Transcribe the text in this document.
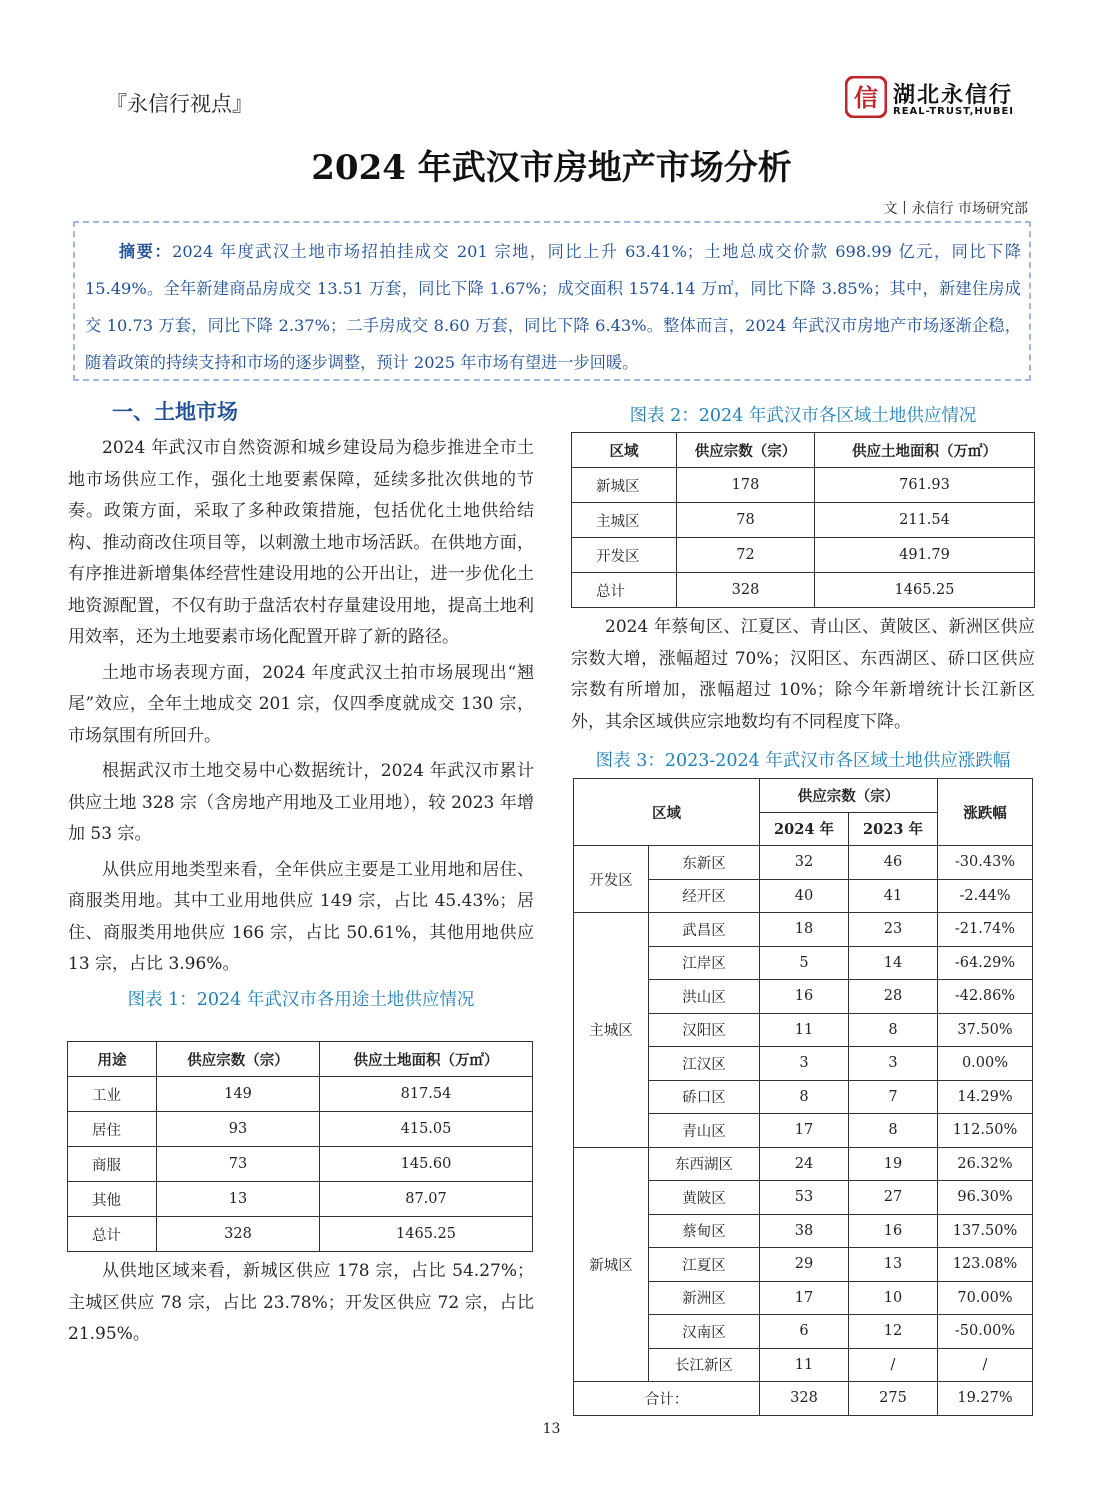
『永信行视点』	信 湖北永信行
REAL-TRUST,HUBEI
2024 年武汉市房地产市场分析
文丨永信行 市场研究部
摘要：2024 年度武汉土地市场招拍挂成交 201 宗地，同比上升 63.41%；土地总成交价款 698.99 亿元，同比下降 15.49%。全年新建商品房成交 13.51 万套，同比下降 1.67%；成交面积 1574.14 万㎡，同比下降 3.85%；其中，新建住房成交 10.73 万套，同比下降 2.37%；二手房成交 8.60 万套，同比下降 6.43%。整体而言，2024 年武汉市房地产市场逐渐企稳，随着政策的持续支持和市场的逐步调整，预计 2025 年市场有望进一步回暖。
一、土地市场

2024 年武汉市自然资源和城乡建设局为稳步推进全市土地市场供应工作，强化土地要素保障，延续多批次供地的节奏。政策方面，采取了多种政策措施，包括优化土地供给结构、推动商改住项目等，以刺激土地市场活跃。在供地方面，有序推进新增集体经营性建设用地的公开出让，进一步优化土地资源配置，不仅有助于盘活农村存量建设用地，提高土地利用效率，还为土地要素市场化配置开辟了新的路径。

土地市场表现方面，2024 年度武汉土拍市场展现出“翘尾”效应，全年土地成交 201 宗，仅四季度就成交 130 宗，市场氛围有所回升。

根据武汉市土地交易中心数据统计，2024 年武汉市累计供应土地 328 宗（含房地产用地及工业用地），较 2023 年增加 53 宗。

从供应用地类型来看，全年供应主要是工业用地和居住、商服类用地。其中工业用地供应 149 宗，占比 45.43%；居住、商服类用地供应 166 宗，占比 50.61%，其他用地供应 13 宗，占比 3.96%。

图表 1：2024 年武汉市各用途土地供应情况
用途	供应宗数（宗）	供应土地面积（万㎡）
工业	149	817.54
居住	93	415.05
商服	73	145.60
其他	13	87.07
总计	328	1465.25

从供地区域来看，新城区供应 178 宗，占比 54.27%；主城区供应 78 宗，占比 23.78%；开发区供应 72 宗，占比 21.95%。

图表 2：2024 年武汉市各区域土地供应情况
区域	供应宗数（宗）	供应土地面积（万㎡）
新城区	178	761.93
主城区	78	211.54
开发区	72	491.79
总计	328	1465.25

2024 年蔡甸区、江夏区、青山区、黄陂区、新洲区供应宗数大增，涨幅超过 70%；汉阳区、东西湖区、硚口区供应宗数有所增加，涨幅超过 10%；除今年新增统计长江新区外，其余区域供应宗地数均有不同程度下降。

图表 3：2023-2024 年武汉市各区域土地供应涨跌幅
区域		供应宗数（宗）		涨跌幅
		2024 年	2023 年	
开发区	东新区	32	46	-30.43%
	经开区	40	41	-2.44%
主城区	武昌区	18	23	-21.74%
	江岸区	5	14	-64.29%
	洪山区	16	28	-42.86%
	汉阳区	11	8	37.50%
	江汉区	3	3	0.00%
	硚口区	8	7	14.29%
	青山区	17	8	112.50%
新城区	东西湖区	24	19	26.32%
	黄陂区	53	27	96.30%
	蔡甸区	38	16	137.50%
	江夏区	29	13	123.08%
	新洲区	17	10	70.00%
	汉南区	6	12	-50.00%
	长江新区	11	/	/
合计：		328	275	19.27%
13
